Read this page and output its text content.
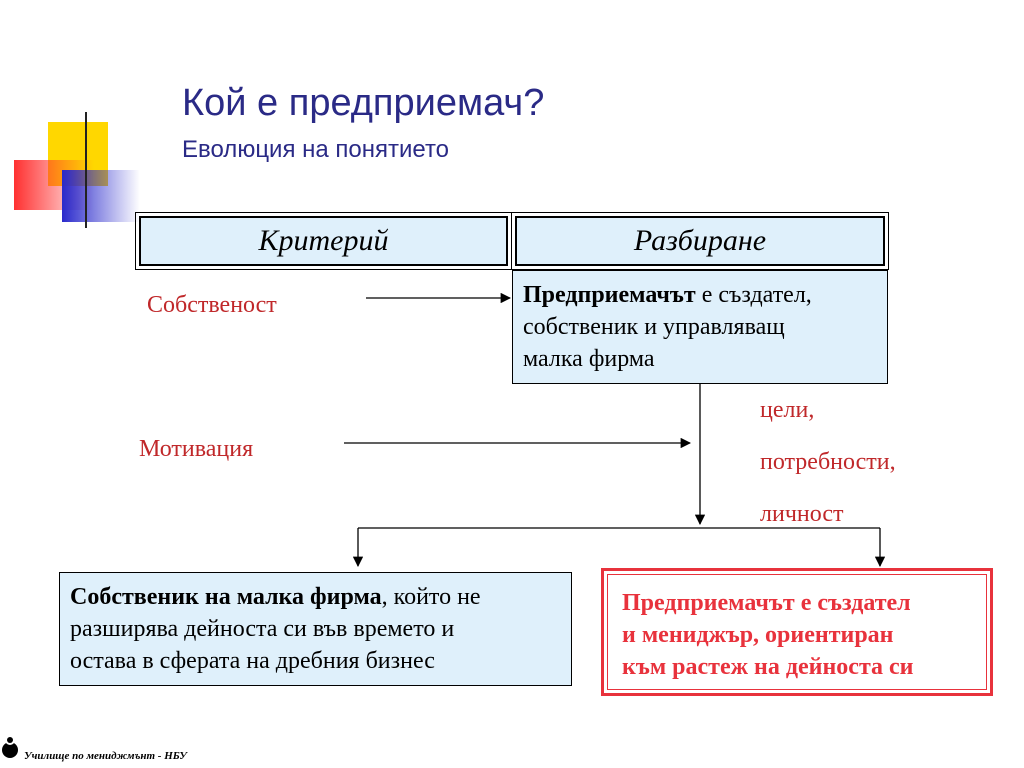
Кой е предприемач?
Еволюция на понятието
Критерий	Разбиране
Собственост
Мотивация
Предприемачът е създател,
собственик и управляващ
малка фирма
цели,
потребности,
личност
Собственик на малка фирма, който не
разширява дейноста си във времето и
остава в сферата на дребния бизнес
Предприемачът е създател
и мениджър, ориентиран
към растеж на дейноста си
Училище по мениджмънт - НБУ
